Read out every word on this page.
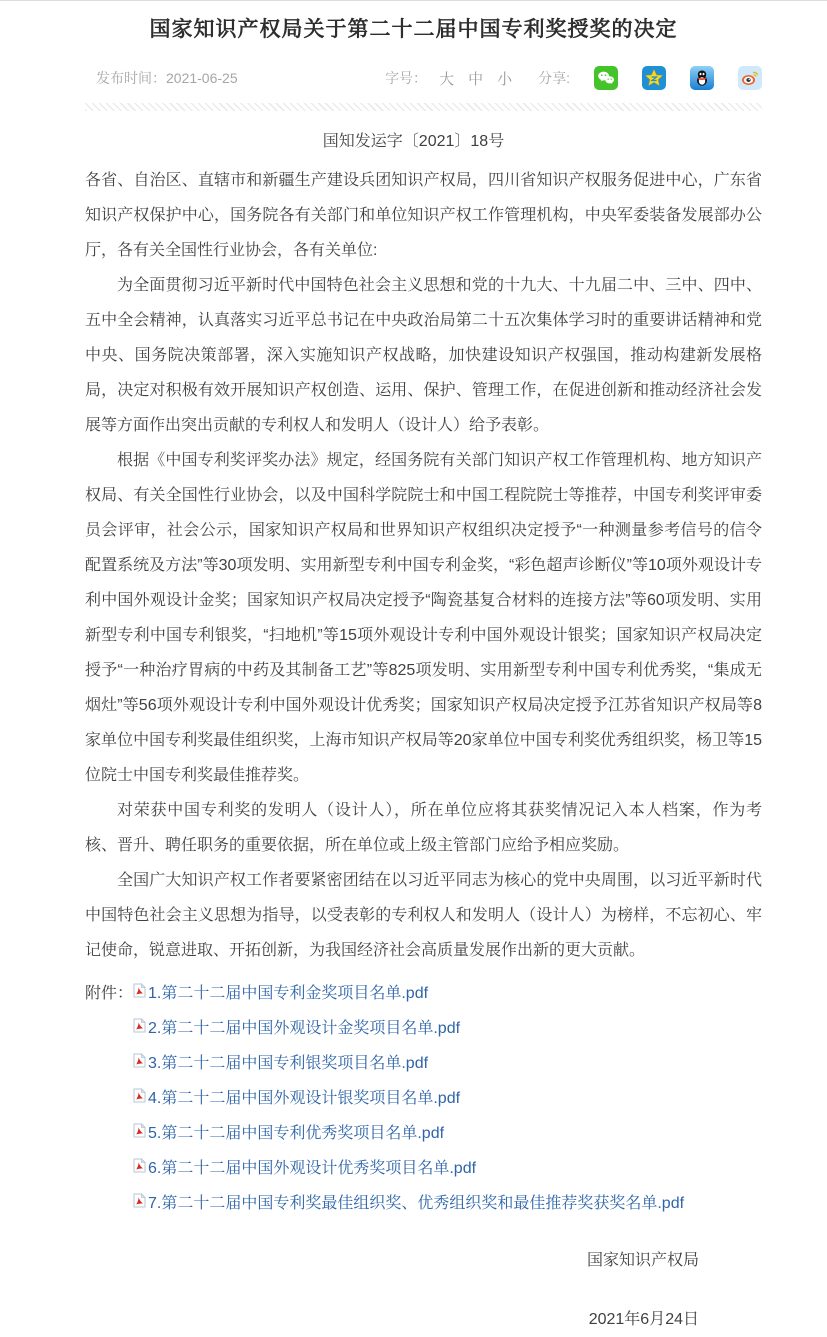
国家知识产权局关于第二十二届中国专利奖授奖的决定
发布时间：2021-06-25	字号： 大 中 小 分享:
国知发运字〔2021〕18号

各省、自治区、直辖市和新疆生产建设兵团知识产权局，四川省知识产权服务促进中心，广东省知识产权保护中心，国务院各有关部门和单位知识产权工作管理机构，中央军委装备发展部办公厅，各有关全国性行业协会，各有关单位:

为全面贯彻习近平新时代中国特色社会主义思想和党的十九大、十九届二中、三中、四中、五中全会精神，认真落实习近平总书记在中央政治局第二十五次集体学习时的重要讲话精神和党中央、国务院决策部署，深入实施知识产权战略，加快建设知识产权强国，推动构建新发展格局，决定对积极有效开展知识产权创造、运用、保护、管理工作，在促进创新和推动经济社会发展等方面作出突出贡献的专利权人和发明人（设计人）给予表彰。

根据《中国专利奖评奖办法》规定，经国务院有关部门知识产权工作管理机构、地方知识产权局、有关全国性行业协会，以及中国科学院院士和中国工程院院士等推荐，中国专利奖评审委员会评审，社会公示，国家知识产权局和世界知识产权组织决定授予“一种测量参考信号的信令配置系统及方法”等30项发明、实用新型专利中国专利金奖，“彩色超声诊断仪”等10项外观设计专利中国外观设计金奖；国家知识产权局决定授予“陶瓷基复合材料的连接方法”等60项发明、实用新型专利中国专利银奖，“扫地机”等15项外观设计专利中国外观设计银奖；国家知识产权局决定授予“一种治疗胃病的中药及其制备工艺”等825项发明、实用新型专利中国专利优秀奖，“集成无烟灶”等56项外观设计专利中国外观设计优秀奖；国家知识产权局决定授予江苏省知识产权局等8家单位中国专利奖最佳组织奖，上海市知识产权局等20家单位中国专利奖优秀组织奖，杨卫等15位院士中国专利奖最佳推荐奖。

对荣获中国专利奖的发明人（设计人），所在单位应将其获奖情况记入本人档案，作为考核、晋升、聘任职务的重要依据，所在单位或上级主管部门应给予相应奖励。

全国广大知识产权工作者要紧密团结在以习近平同志为核心的党中央周围，以习近平新时代中国特色社会主义思想为指导，以受表彰的专利权人和发明人（设计人）为榜样，不忘初心、牢记使命，锐意进取、开拓创新，为我国经济社会高质量发展作出新的更大贡献。

附件： 1.第二十二届中国专利金奖项目名单.pdf
2.第二十二届中国外观设计金奖项目名单.pdf
3.第二十二届中国专利银奖项目名单.pdf
4.第二十二届中国外观设计银奖项目名单.pdf
5.第二十二届中国专利优秀奖项目名单.pdf
6.第二十二届中国外观设计优秀奖项目名单.pdf
7.第二十二届中国专利奖最佳组织奖、优秀组织奖和最佳推荐奖获奖名单.pdf
国家知识产权局
2021年6月24日
